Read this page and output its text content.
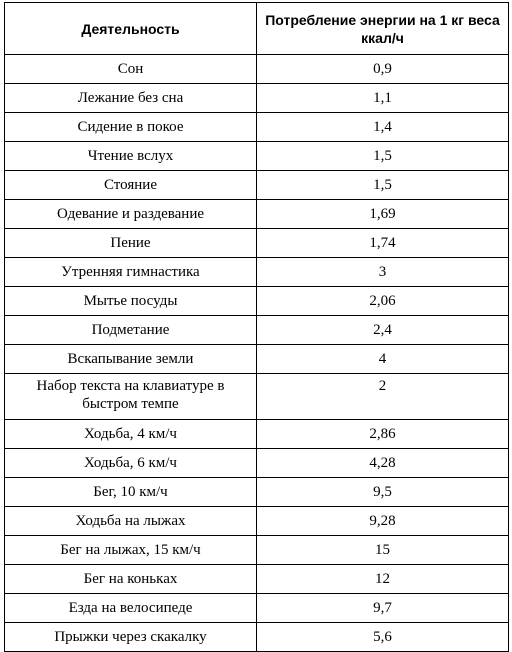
Деятельность	Потребление энергии на 1 кг веса ккал/ч
Сон	0,9
Лежание без сна	1,1
Сидение в покое	1,4
Чтение вслух	1,5
Стояние	1,5
Одевание и раздевание	1,69
Пение	1,74
Утренняя гимнастика	3
Мытье посуды	2,06
Подметание	2,4
Вскапывание земли	4
Набор текста на клавиатуре в быстром темпе	2
Ходьба, 4 км/ч	2,86
Ходьба, 6 км/ч	4,28
Бег, 10 км/ч	9,5
Ходьба на лыжах	9,28
Бег на лыжах, 15 км/ч	15
Бег на коньках	12
Езда на велосипеде	9,7
Прыжки через скакалку	5,6
